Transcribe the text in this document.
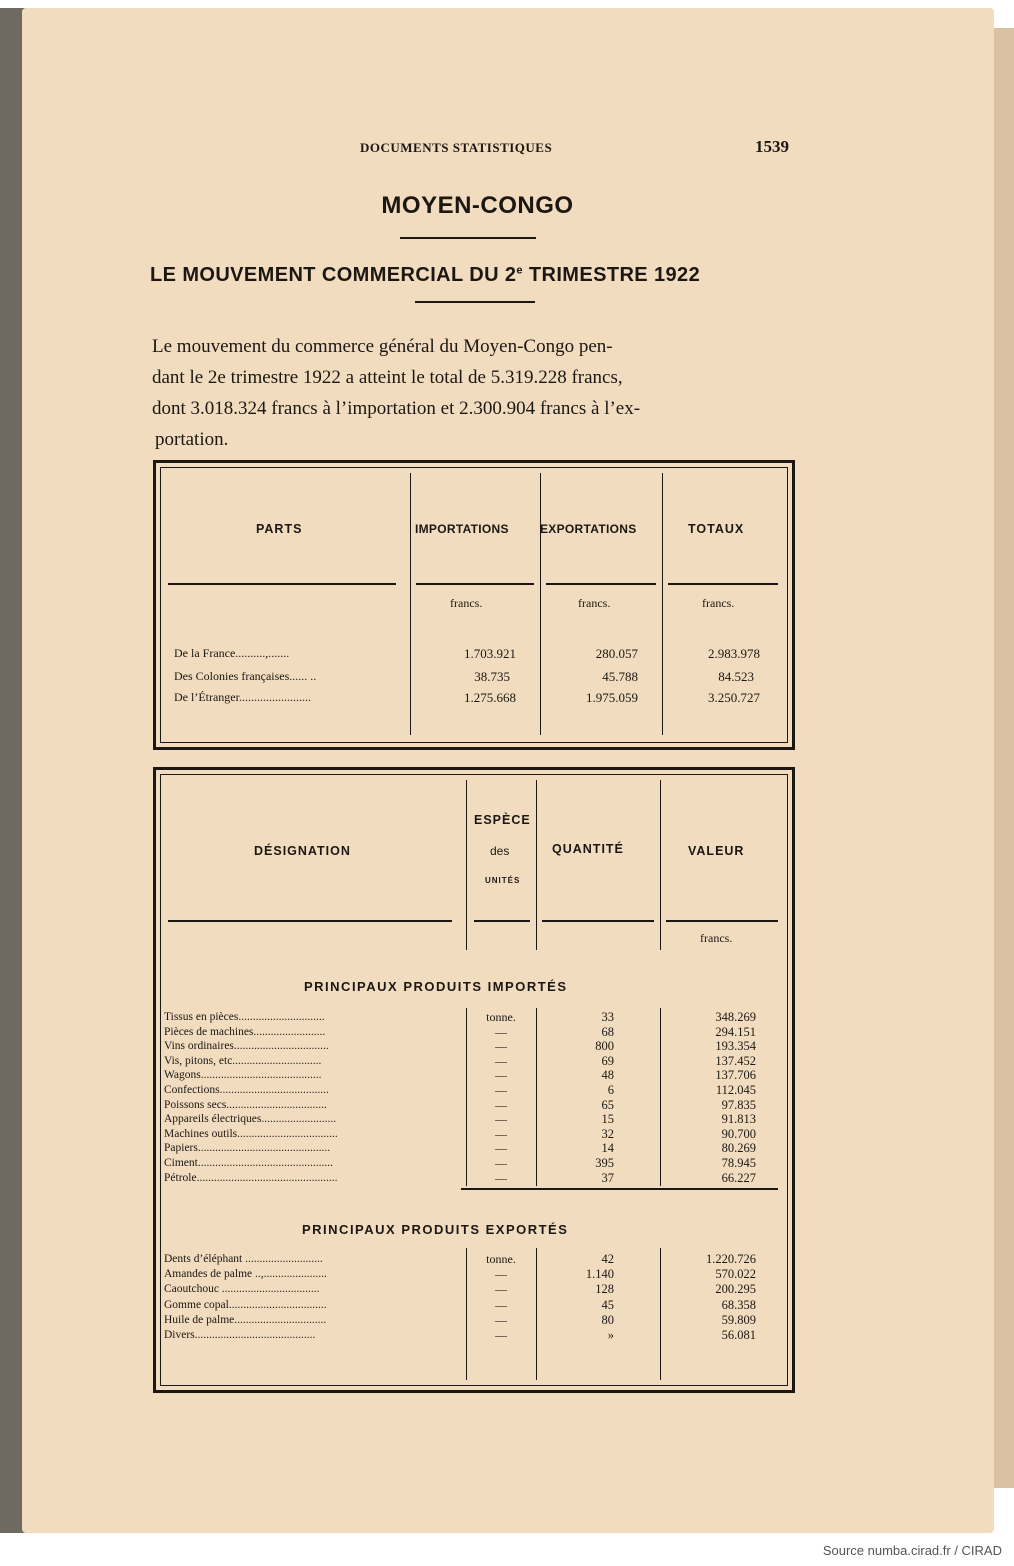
DOCUMENTS STATISTIQUES	1539
MOYEN-CONGO
LE MOUVEMENT COMMERCIAL DU 2e TRIMESTRE 1922
Le mouvement du commerce général du Moyen-Congo pen-
dant le 2e trimestre 1922 a atteint le total de 5.319.228 francs,
dont 3.018.324 francs à l’importation et 2.300.904 francs à l’ex-
portation.
PARTS	IMPORTATIONS	EXPORTATIONS	TOTAUX
francs.	francs.	francs.
De la France..........,.......	1.703.921	280.057	2.983.978
Des Colonies françaises...... ..	38.735	45.788	84.523
De l’Étranger........................	1.275.668	1.975.059	3.250.727
DÉSIGNATION
ESPÈCE
des
UNITÉS
QUANTITÉ	VALEUR
francs.
PRINCIPAUX PRODUITS IMPORTÉS
Tissus en pièces..............................	tonne.	33	348.269
Pièces de machines.........................	—	68	294.151
Vins ordinaires.................................	—	800	193.354
Vis, pitons, etc...............................	—	69	137.452
Wagons..........................................	—	48	137.706
Confections......................................	—	6	112.045
Poissons secs...................................	—	65	97.835
Appareils électriques..........................	—	15	91.813
Machines outils...................................	—	32	90.700
Papiers..............................................	—	14	80.269
Ciment...............................................	—	395	78.945
Pétrole.................................................	—	37	66.227
PRINCIPAUX PRODUITS EXPORTÉS
Dents d’éléphant ...........................	tonne.	42	1.220.726
Amandes de palme ..,......................	—	1.140	570.022
Caoutchouc ..................................	—	128	200.295
Gomme copal..................................	—	45	68.358
Huile de palme................................	—	80	59.809
Divers..........................................	—	»	56.081
Source numba.cirad.fr / CIRAD
